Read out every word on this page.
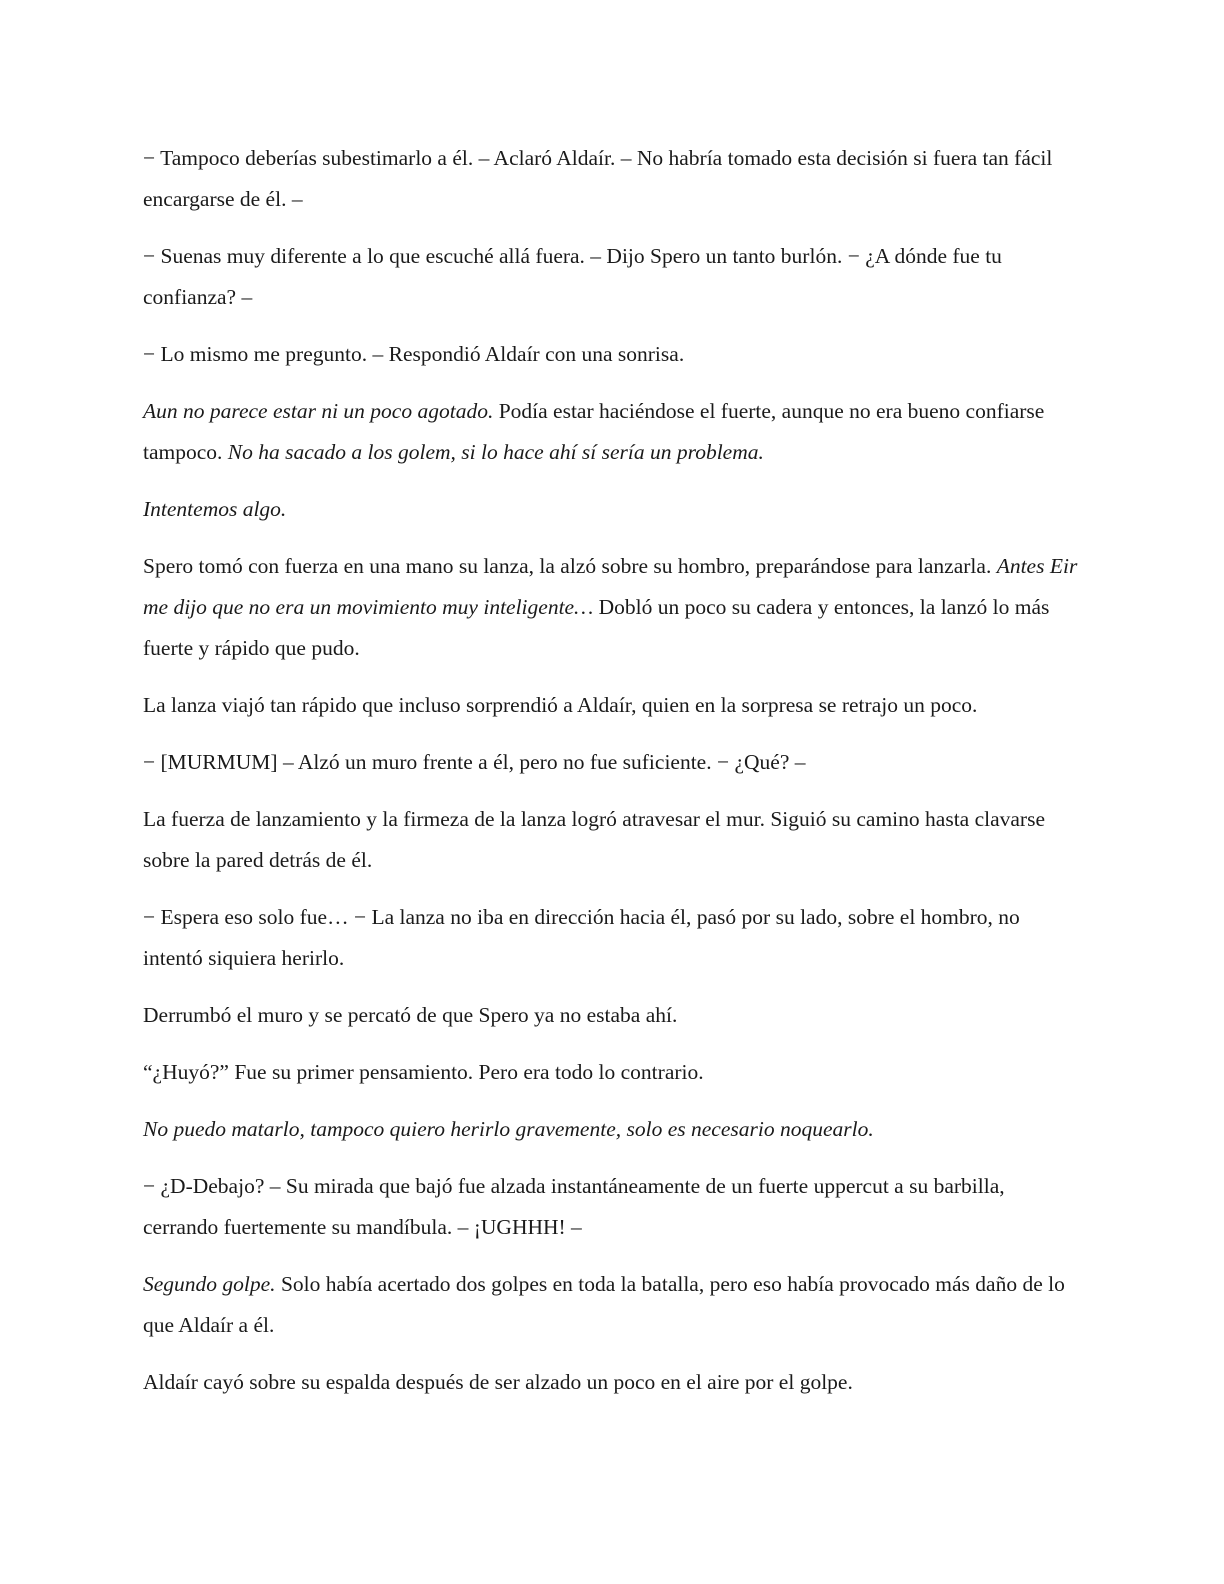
− Tampoco deberías subestimarlo a él. – Aclaró Aldaír. – No habría tomado esta decisión si fuera tan fácil encargarse de él. –

− Suenas muy diferente a lo que escuché allá fuera. – Dijo Spero un tanto burlón. − ¿A dónde fue tu confianza? –

− Lo mismo me pregunto. – Respondió Aldaír con una sonrisa.

Aun no parece estar ni un poco agotado. Podía estar haciéndose el fuerte, aunque no era bueno confiarse tampoco. No ha sacado a los golem, si lo hace ahí sí sería un problema.

Intentemos algo.

Spero tomó con fuerza en una mano su lanza, la alzó sobre su hombro, preparándose para lanzarla. Antes Eir me dijo que no era un movimiento muy inteligente… Dobló un poco su cadera y entonces, la lanzó lo más fuerte y rápido que pudo.

La lanza viajó tan rápido que incluso sorprendió a Aldaír, quien en la sorpresa se retrajo un poco.

− [MURMUM] – Alzó un muro frente a él, pero no fue suficiente. − ¿Qué? –

La fuerza de lanzamiento y la firmeza de la lanza logró atravesar el mur. Siguió su camino hasta clavarse sobre la pared detrás de él.

− Espera eso solo fue… − La lanza no iba en dirección hacia él, pasó por su lado, sobre el hombro, no intentó siquiera herirlo.

Derrumbó el muro y se percató de que Spero ya no estaba ahí.

“¿Huyó?” Fue su primer pensamiento. Pero era todo lo contrario.

No puedo matarlo, tampoco quiero herirlo gravemente, solo es necesario noquearlo.

− ¿D-Debajo? – Su mirada que bajó fue alzada instantáneamente de un fuerte uppercut a su barbilla, cerrando fuertemente su mandíbula. – ¡UGHHH! –

Segundo golpe. Solo había acertado dos golpes en toda la batalla, pero eso había provocado más daño de lo que Aldaír a él.

Aldaír cayó sobre su espalda después de ser alzado un poco en el aire por el golpe.
